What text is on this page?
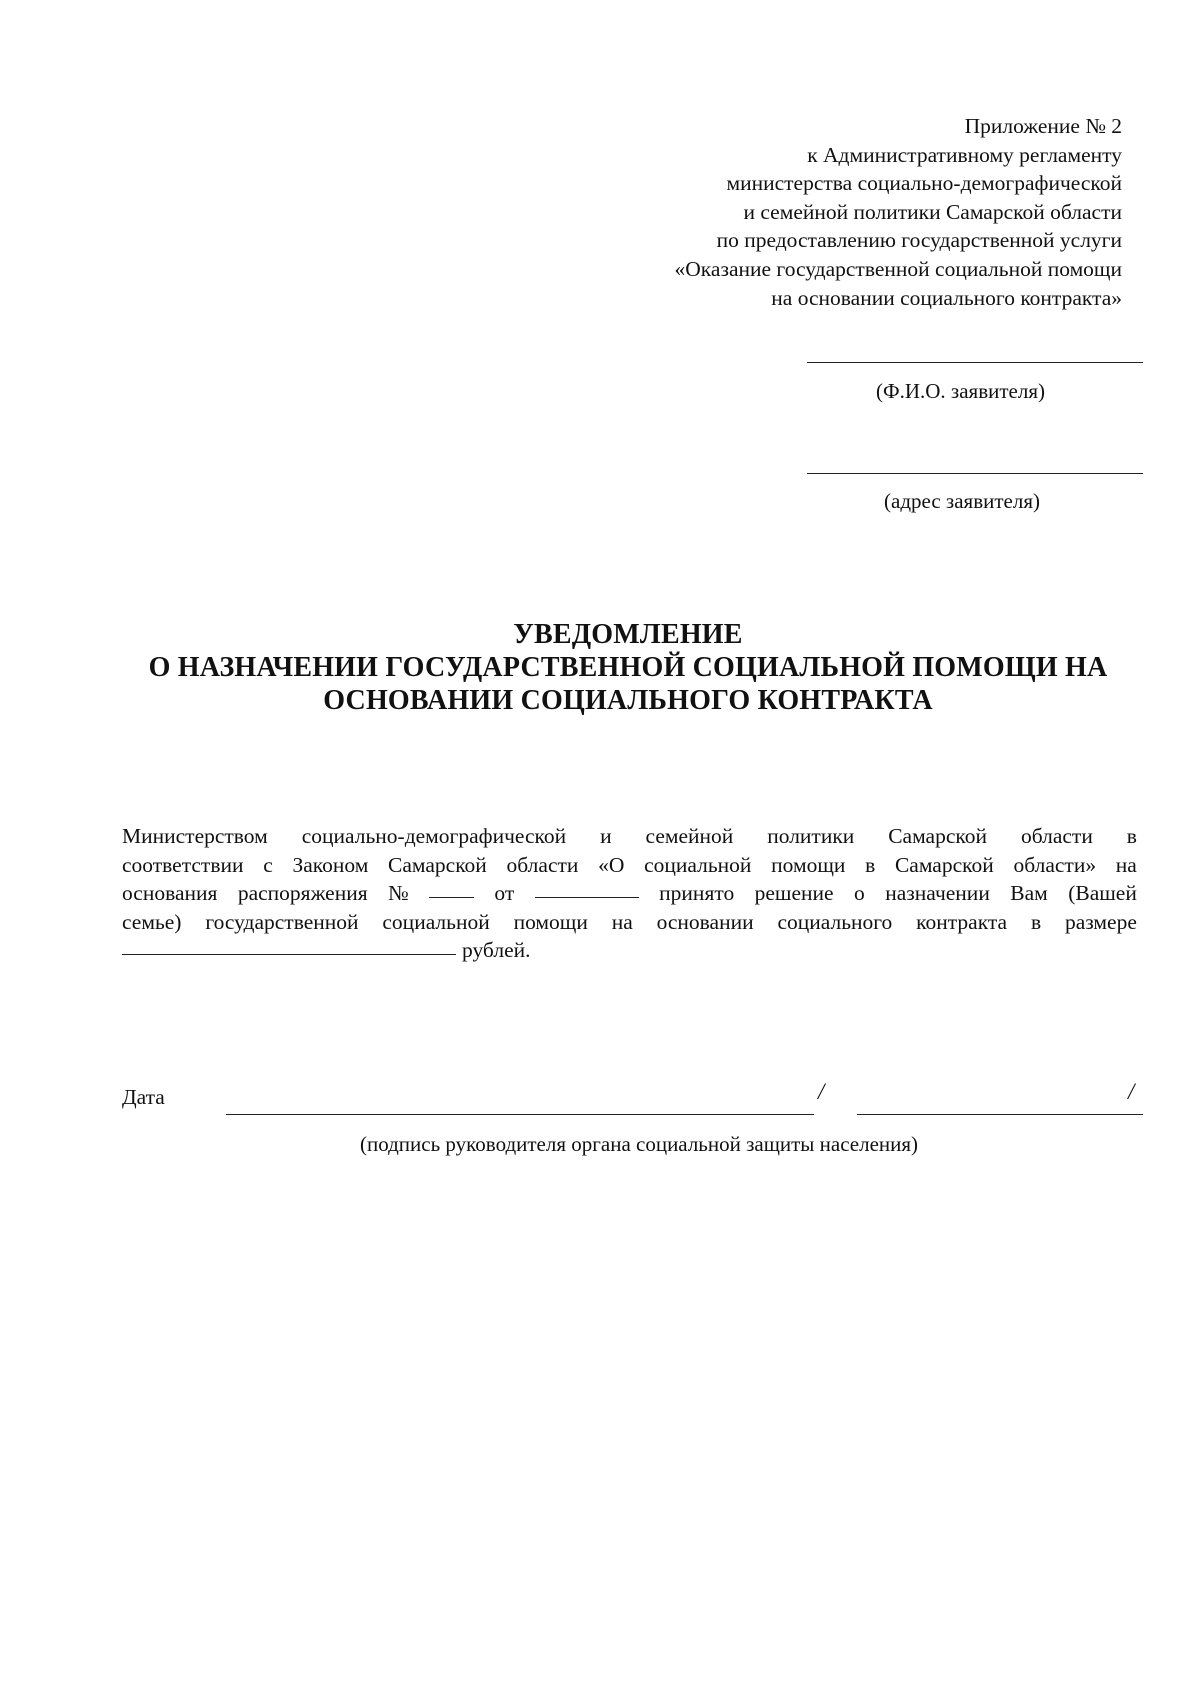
Приложение № 2
к Административному регламенту
министерства социально-демографической
и семейной политики Самарской области
по предоставлению государственной услуги
«Оказание государственной социальной помощи
на основании социального контракта»
(Ф.И.О. заявителя)
(адрес заявителя)
УВЕДОМЛЕНИЕ
О НАЗНАЧЕНИИ ГОСУДАРСТВЕННОЙ СОЦИАЛЬНОЙ ПОМОЩИ НА
ОСНОВАНИИ СОЦИАЛЬНОГО КОНТРАКТА
Министерством социально-демографической и семейной политики Самарской области в
соответствии с Законом Самарской области «О социальной помощи в Самарской области» на
основания распоряжения №	от	принято решение о назначении Вам (Вашей
семье) государственной социальной помощи на основании социального контракта в размере
рублей.
Дата	/	/
(подпись руководителя органа социальной защиты населения)
